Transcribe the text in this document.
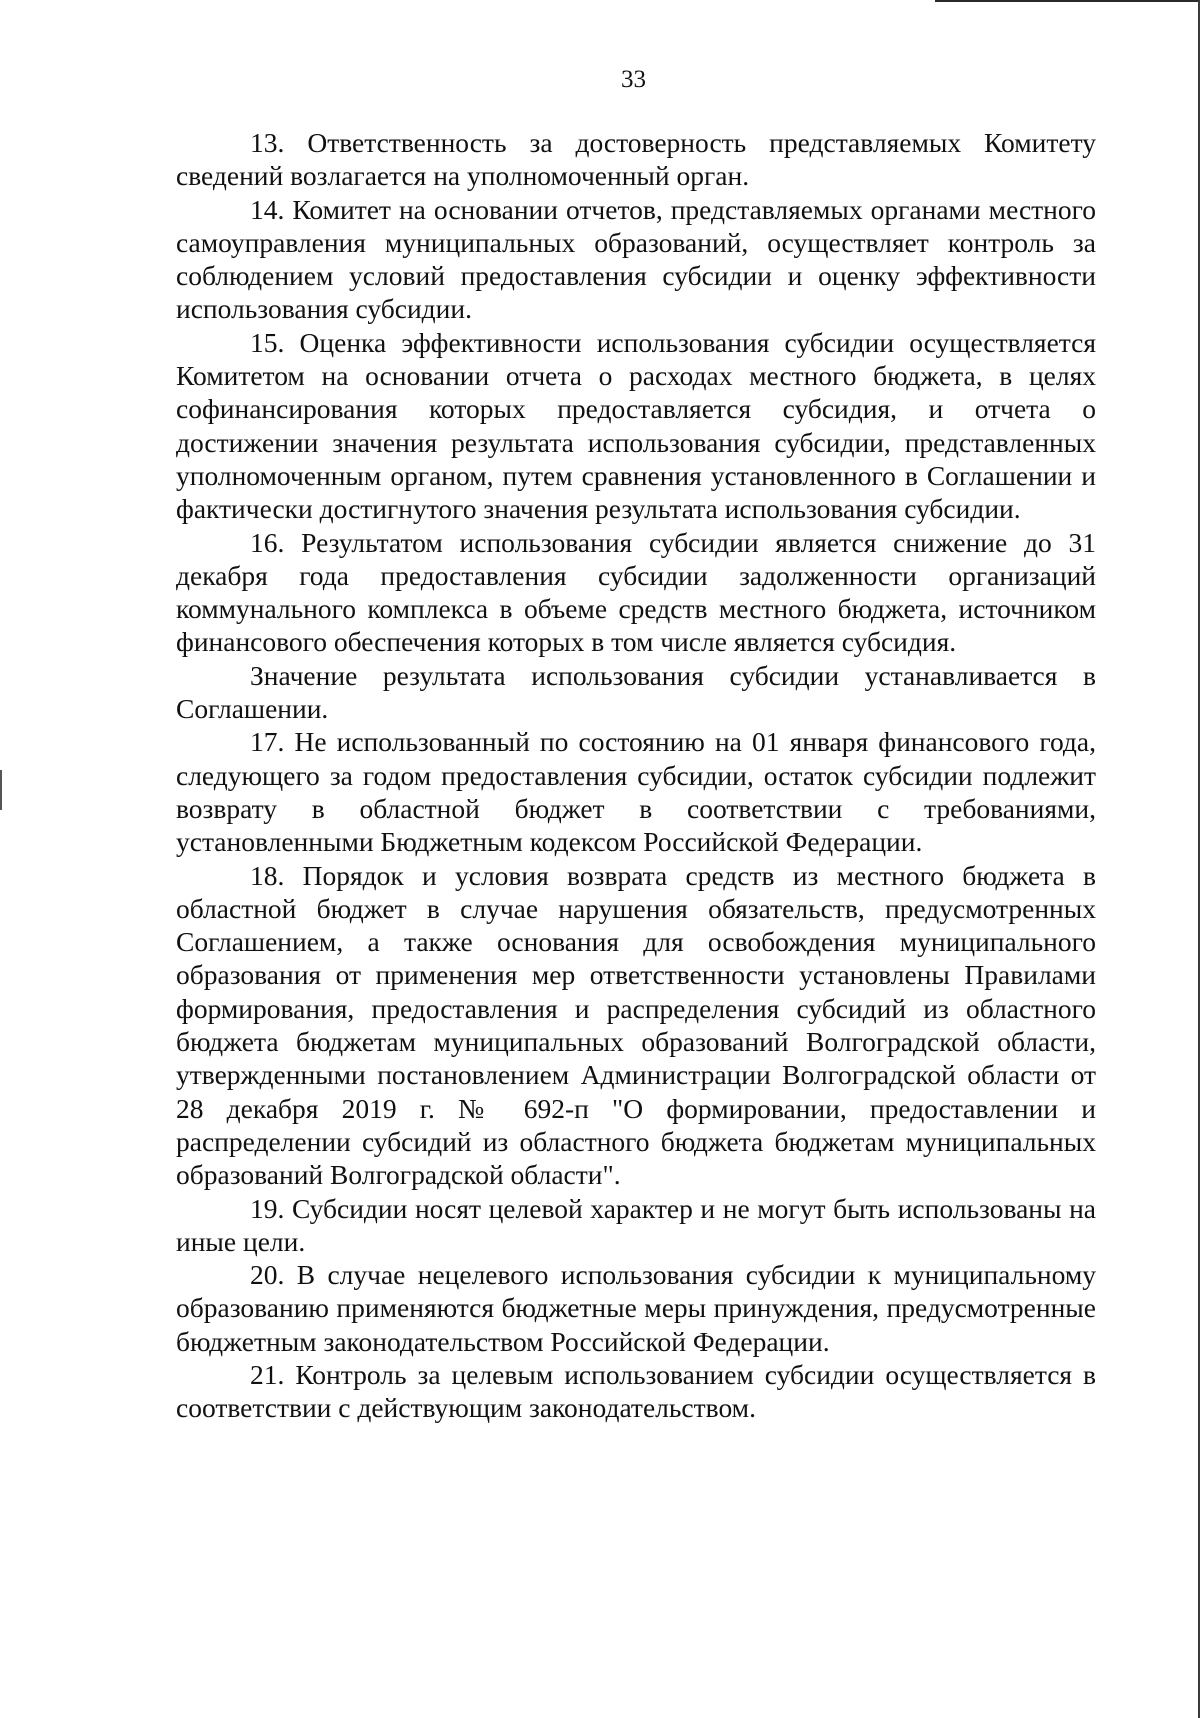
33

13. Ответственность за достоверность представляемых Комитету сведений возлагается на уполномоченный орган.

14. Комитет на основании отчетов, представляемых органами местного самоуправления муниципальных образований, осуществляет контроль за соблюдением условий предоставления субсидии и оценку эффективности использования субсидии.

15. Оценка эффективности использования субсидии осуществляется Комитетом на основании отчета о расходах местного бюджета, в целях софинансирования которых предоставляется субсидия, и отчета о достижении значения результата использования субсидии, представленных уполномоченным органом, путем сравнения установленного в Соглашении и фактически достигнутого значения результата использования субсидии.

16. Результатом использования субсидии является снижение до 31 декабря года предоставления субсидии задолженности организаций коммунального комплекса в объеме средств местного бюджета, источником финансового обеспечения которых в том числе является субсидия.

Значение результата использования субсидии устанавливается в Соглашении.

17. Не использованный по состоянию на 01 января финансового года, следующего за годом предоставления субсидии, остаток субсидии подлежит возврату в областной бюджет в соответствии с требованиями, установленными Бюджетным кодексом Российской Федерации.

18. Порядок и условия возврата средств из местного бюджета в областной бюджет в случае нарушения обязательств, предусмотренных Соглашением, а также основания для освобождения муниципального образования от применения мер ответственности установлены Правилами формирования, предоставления и распределения субсидий из областного бюджета бюджетам муниципальных образований Волгоградской области, утвержденными постановлением Администрации Волгоградской области от 28 декабря 2019 г. № 692-п "О формировании, предоставлении и распределении субсидий из областного бюджета бюджетам муниципальных образований Волгоградской области".

19. Субсидии носят целевой характер и не могут быть использованы на иные цели.

20. В случае нецелевого использования субсидии к муниципальному образованию применяются бюджетные меры принуждения, предусмотренные бюджетным законодательством Российской Федерации.

21. Контроль за целевым использованием субсидии осуществляется в соответствии с действующим законодательством.
